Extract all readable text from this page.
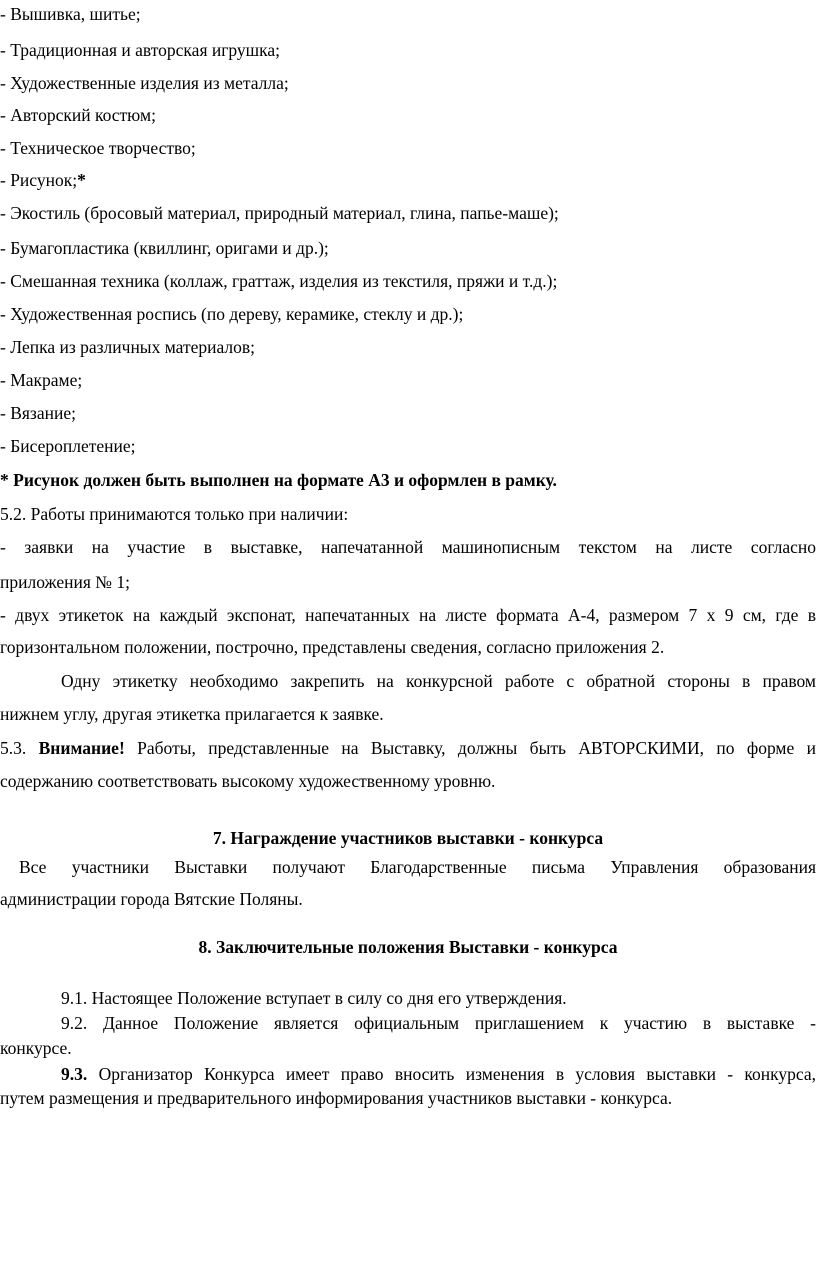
- Вышивка, шитье;
- Традиционная и авторская игрушка;
- Художественные изделия из металла;
- Авторский костюм;
- Техническое творчество;
- Рисунок;*
- Экостиль (бросовый материал, природный материал, глина, папье-маше);
- Бумагопластика (квиллинг, оригами и др.);
- Смешанная техника (коллаж, граттаж, изделия из текстиля, пряжи и т.д.);
- Художественная роспись (по дереву, керамике, стеклу и др.);
- Лепка из различных материалов;
- Макраме;
- Вязание;
- Бисероплетение;
* Рисунок должен быть выполнен на формате А3 и оформлен в рамку.
5.2. Работы принимаются только при наличии:
- заявки на участие в выставке, напечатанной машинописным текстом на листе согласно
приложения № 1;
- двух этикеток на каждый экспонат, напечатанных на листе формата А-4, размером 7 х 9 см, где в
горизонтальном положении, построчно, представлены сведения, согласно приложения 2.
Одну этикетку необходимо закрепить на конкурсной работе с обратной стороны в правом
нижнем углу, другая этикетка прилагается к заявке.
5.3. Внимание! Работы, представленные на Выставку, должны быть АВТОРСКИМИ, по форме и
содержанию соответствовать высокому художественному уровню.
7. Награждение участников выставки - конкурса
Все участники Выставки получают Благодарственные письма Управления образования
администрации города Вятские Поляны.
8. Заключительные положения Выставки - конкурса
9.1. Настоящее Положение вступает в силу со дня его утверждения.
9.2. Данное Положение является официальным приглашением к участию в выставке -
конкурсе.
9.3. Организатор Конкурса имеет право вносить изменения в условия выставки - конкурса,
путем размещения и предварительного информирования участников выставки - конкурса.
